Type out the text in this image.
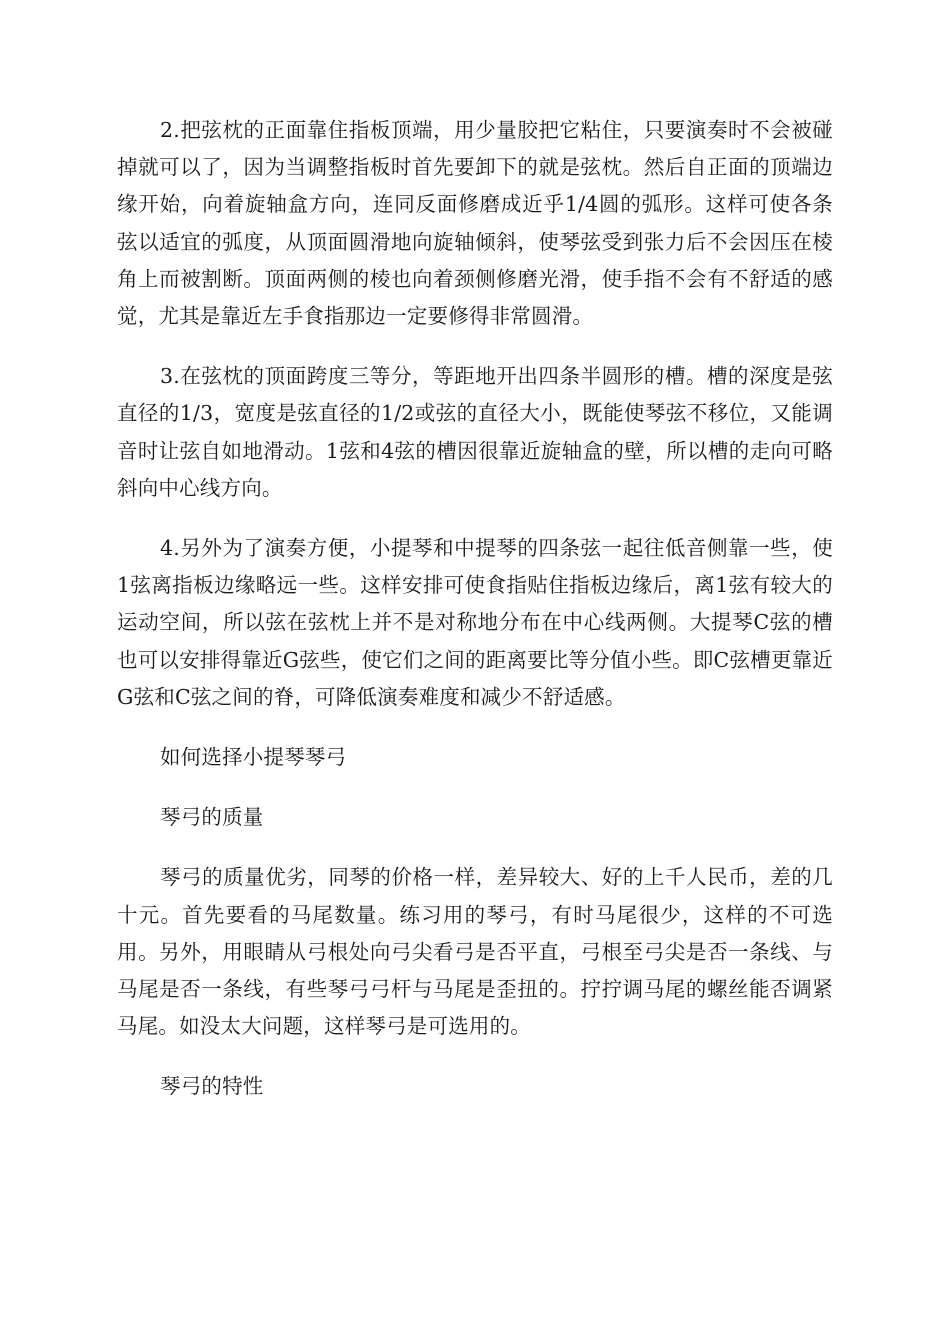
2.把弦枕的正面靠住指板顶端，用少量胶把它粘住，只要演奏时不会被碰掉就可以了，因为当调整指板时首先要卸下的就是弦枕。然后自正面的顶端边缘开始，向着旋轴盒方向，连同反面修磨成近乎1/4圆的弧形。这样可使各条弦以适宜的弧度，从顶面圆滑地向旋轴倾斜，使琴弦受到张力后不会因压在棱角上而被割断。顶面两侧的棱也向着颈侧修磨光滑，使手指不会有不舒适的感觉，尤其是靠近左手食指那边一定要修得非常圆滑。

3.在弦枕的顶面跨度三等分，等距地开出四条半圆形的槽。槽的深度是弦直径的1/3，宽度是弦直径的1/2或弦的直径大小，既能使琴弦不移位，又能调音时让弦自如地滑动。1弦和4弦的槽因很靠近旋轴盒的壁，所以槽的走向可略斜向中心线方向。

4.另外为了演奏方便，小提琴和中提琴的四条弦一起往低音侧靠一些，使1弦离指板边缘略远一些。这样安排可使食指贴住指板边缘后，离1弦有较大的运动空间，所以弦在弦枕上并不是对称地分布在中心线两侧。大提琴C弦的槽也可以安排得靠近G弦些，使它们之间的距离要比等分值小些。即C弦槽更靠近G弦和C弦之间的脊，可降低演奏难度和减少不舒适感。

如何选择小提琴琴弓

琴弓的质量

琴弓的质量优劣，同琴的价格一样，差异较大、好的上千人民币，差的几十元。首先要看的马尾数量。练习用的琴弓，有时马尾很少，这样的不可选用。另外，用眼睛从弓根处向弓尖看弓是否平直，弓根至弓尖是否一条线、与马尾是否一条线，有些琴弓弓杆与马尾是歪扭的。拧拧调马尾的螺丝能否调紧马尾。如没太大问题，这样琴弓是可选用的。

琴弓的特性
